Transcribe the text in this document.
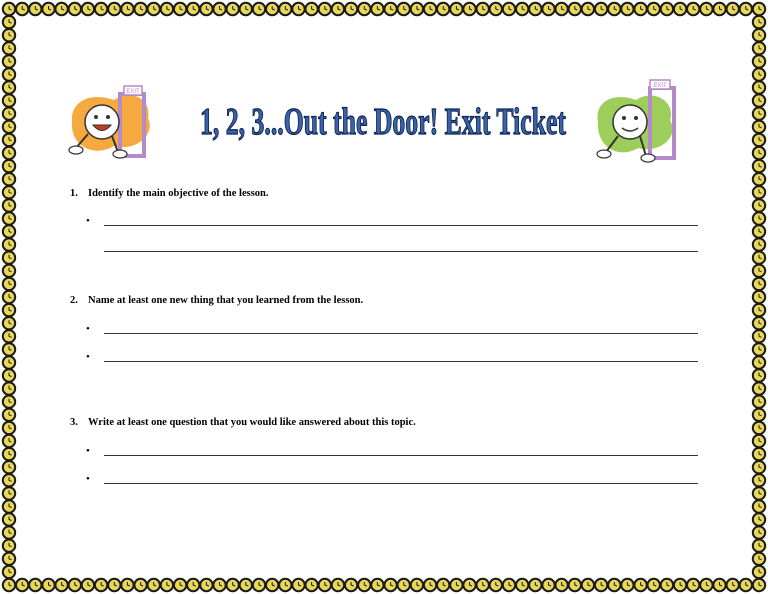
EXIT
1, 2, 3...Out the Door! Exit Ticket
EXIT
1. Identify the main objective of the lesson.
•
2. Name at least one new thing that you learned from the lesson.
•
•
3. Write at least one question that you would like answered about this topic.
•
•
